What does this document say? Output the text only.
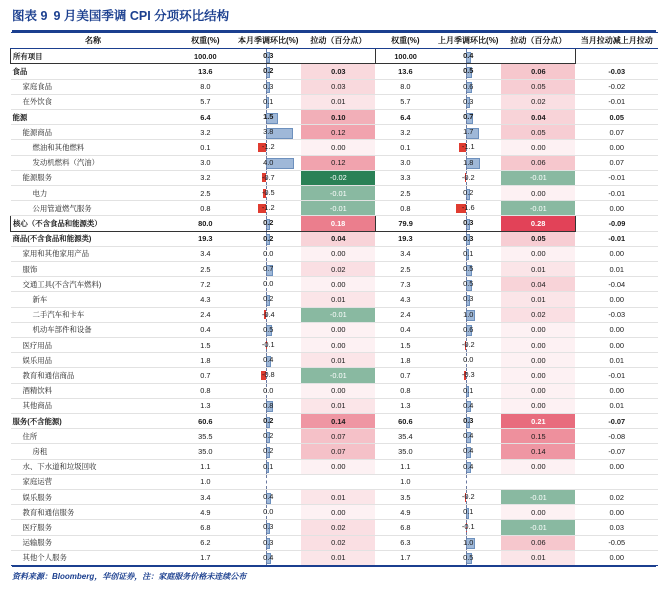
图表 9 9 月美国季调 CPI 分项环比结构
名称	权重(%)	本月季调环比(%)	拉动（百分点）	权重(%)	上月季调环比(%)	拉动（百分点）	当月拉动减上月拉动
所有项目	100.00	0.3		100.00	0.4		

食品	13.6	0.2	0.03	13.6	0.5	0.06	-0.03
家庭食品	8.0	0.3	0.03	8.0	0.6	0.05	-0.02
在外饮食	5.7	0.1	0.01	5.7	0.3	0.02	-0.01
能源	6.4	1.5	0.10	6.4	0.7	0.04	0.05
能源商品	3.2	3.8	0.12	3.2	1.7	0.05	0.07
燃油和其他燃料	0.1	-1.2	0.00	0.1	-1.1	0.00	0.00
发动机燃料（汽油）	3.0	4.0	0.12	3.0	1.8	0.06	0.07
能源服务	3.2	-0.7	-0.02	3.3	-0.2	-0.01	-0.01
电力	2.5	-0.5	-0.01	2.5	0.2	0.00	-0.01
公用管道燃气服务	0.8	-1.2	-0.01	0.8	-1.6	-0.01	0.00
核心（不含食品和能源类）	80.0	0.2	0.18	79.9	0.3	0.28	-0.09
商品(不含食品和能源类)	19.3	0.2	0.04	19.3	0.3	0.05	-0.01
家用和其他家用产品	3.4	0.0	0.00	3.4	0.1	0.00	0.00
服饰	2.5	0.7	0.02	2.5	0.5	0.01	0.01
交通工具(不含汽车燃料)	7.2	0.0	0.00	7.3	0.5	0.04	-0.04
新车	4.3	0.2	0.01	4.3	0.3	0.01	0.00
二手汽车和卡车	2.4	-0.4	-0.01	2.4	1.0	0.02	-0.03
机动车部件和设备	0.4	0.5	0.00	0.4	0.6	0.00	0.00
医疗用品	1.5	-0.1	0.00	1.5	-0.2	0.00	0.00
娱乐用品	1.8	0.4	0.01	1.8	0.0	0.00	0.01
教育和通信商品	0.7	-0.8	-0.01	0.7	-0.3	0.00	-0.01
酒精饮料	0.8	0.0	0.00	0.8	0.1	0.00	0.00
其他商品	1.3	0.8	0.01	1.3	0.4	0.00	0.01
服务(不含能源)	60.6	0.2	0.14	60.6	0.3	0.21	-0.07
住所	35.5	0.2	0.07	35.4	0.4	0.15	-0.08
房租	35.0	0.2	0.07	35.0	0.4	0.14	-0.07
水、下水道和垃圾回收	1.1	0.1	0.00	1.1	0.4	0.00	0.00
家庭运营	1.0			1.0	

娱乐服务	3.4	0.4	0.01	3.5	-0.2	-0.01	0.02
教育和通信服务	4.9	0.0	0.00	4.9	0.1	0.00	0.00
医疗服务	6.8	0.3	0.02	6.8	-0.1	-0.01	0.03
运输服务	6.2	0.3	0.02	6.3	1.0	0.06	-0.05
其他个人服务	1.7	0.4	0.01	1.7	0.5	0.01	0.00
资料来源：Bloomberg，华创证券，注：家庭服务价格未连续公布
